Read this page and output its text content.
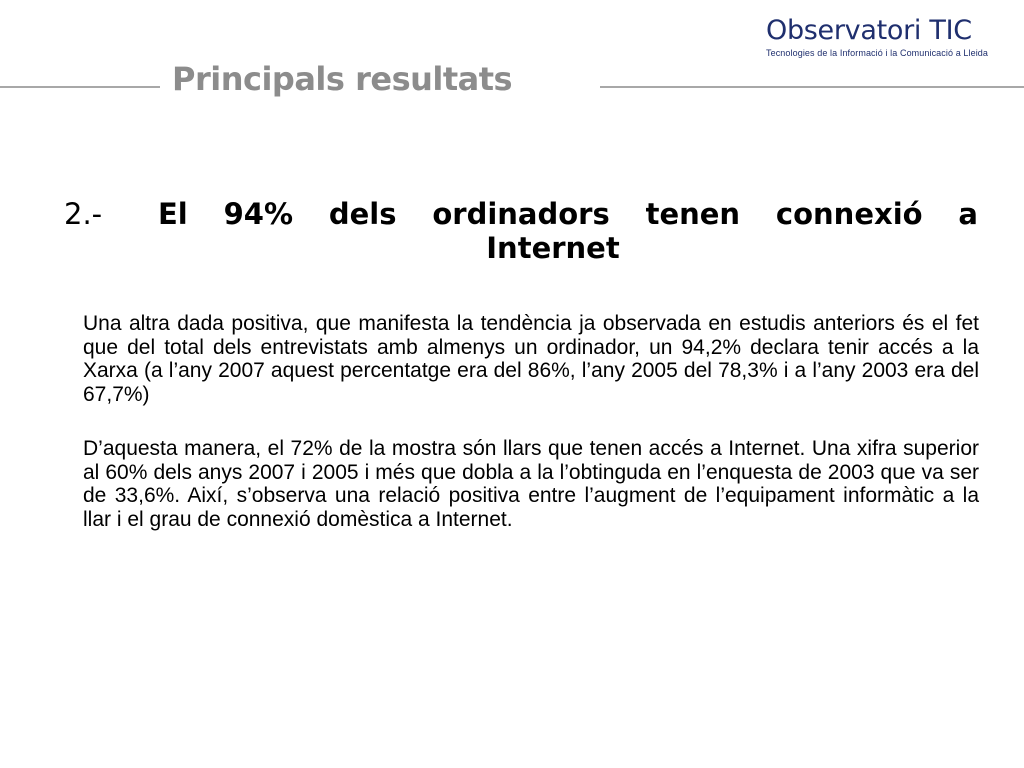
Principals resultats
Observatori TIC
Tecnologies de la Informació i la Comunicació a Lleida
2.-	El 94% dels ordinadors tenen connexió a
Internet

Una altra dada positiva, que manifesta la tendència ja observada en estudis anteriors és el fet que del total dels entrevistats amb almenys un ordinador, un 94,2% declara tenir accés a la Xarxa (a l’any 2007 aquest percentatge era del 86%, l’any 2005 del 78,3% i a l’any 2003 era del 67,7%)

D’aquesta manera, el 72% de la mostra són llars que tenen accés a Internet. Una xifra superior al 60% dels anys 2007 i 2005 i més que dobla a la l’obtinguda en l’enquesta de 2003 que va ser de 33,6%. Així, s’observa una relació positiva entre l’augment de l’equipament informàtic a la llar i el grau de connexió domèstica a Internet.
